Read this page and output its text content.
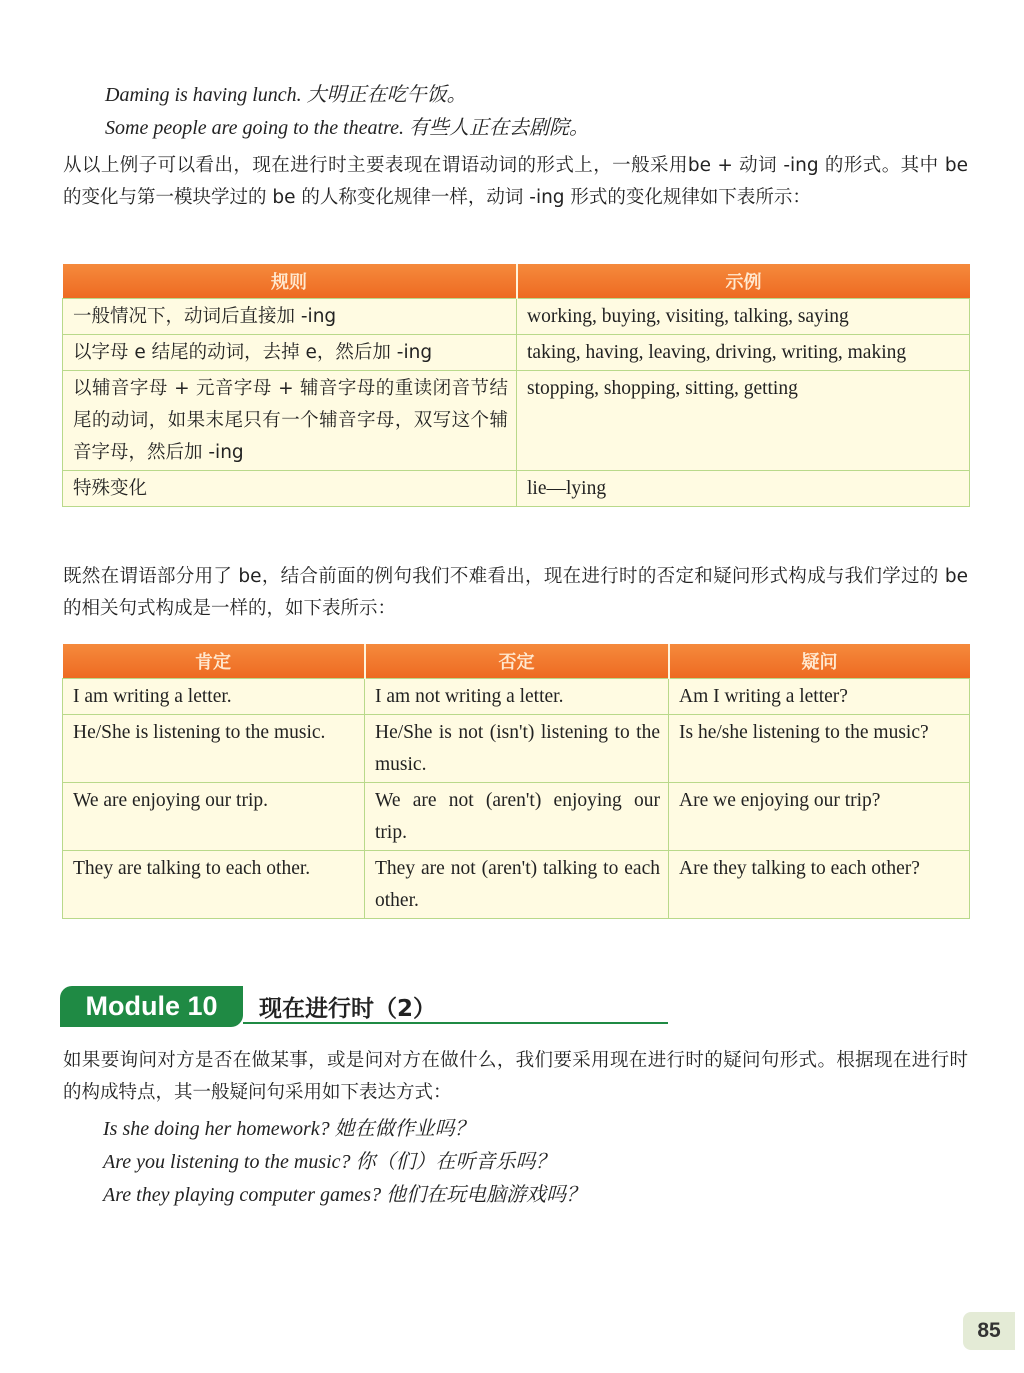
Daming is having lunch. 大明正在吃午饭。
Some people are going to the theatre. 有些人正在去剧院。
从以上例子可以看出，现在进行时主要表现在谓语动词的形式上，一般采用be + 动词 -ing 的形式。其中 be 的变化与第一模块学过的 be 的人称变化规律一样，动词 -ing 形式的变化规律如下表所示：
规则	示例
一般情况下，动词后直接加 -ing	working, buying, visiting, talking, saying
以字母 e 结尾的动词，去掉 e，然后加 -ing	taking, having, leaving, driving, writing, making
以辅音字母 + 元音字母 + 辅音字母的重读闭音节结尾的动词，如果末尾只有一个辅音字母，双写这个辅音字母，然后加 -ing	stopping, shopping, sitting, getting
特殊变化	lie—lying
既然在谓语部分用了 be，结合前面的例句我们不难看出，现在进行时的否定和疑问形式构成与我们学过的 be 的相关句式构成是一样的，如下表所示：
肯定	否定	疑问
I am writing a letter.	I am not writing a letter.	Am I writing a letter?
He/She is listening to the music.	He/She is not (isn't) listening to the music.	Is he/she listening to the music?
We are enjoying our trip.	We are not (aren't) enjoying our trip.	Are we enjoying our trip?
They are talking to each other.	They are not (aren't) talking to each other.	Are they talking to each other?
Module 10	现在进行时（2）
如果要询问对方是否在做某事，或是问对方在做什么，我们要采用现在进行时的疑问句形式。根据现在进行时的构成特点，其一般疑问句采用如下表达方式：
Is she doing her homework? 她在做作业吗？
Are you listening to the music? 你（们）在听音乐吗？
Are they playing computer games? 他们在玩电脑游戏吗？
85
